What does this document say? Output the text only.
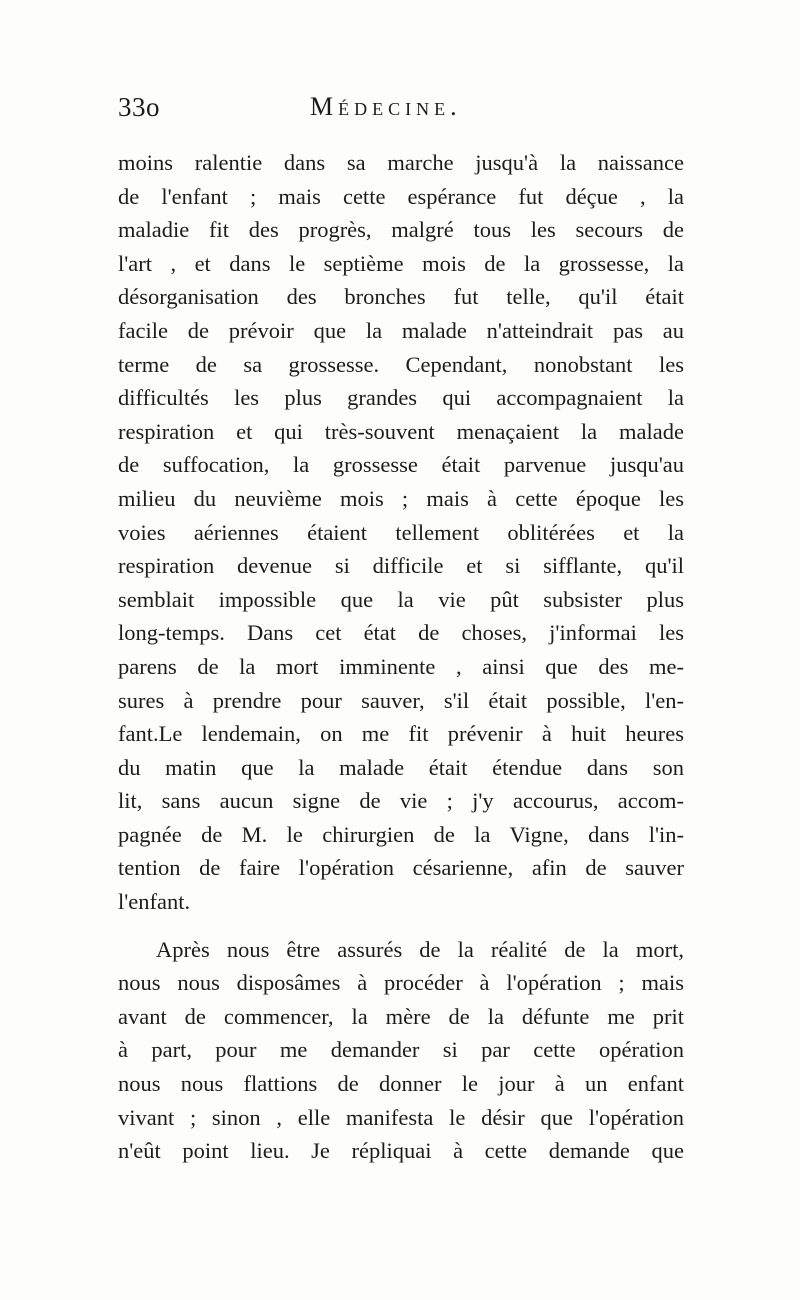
33o	Médecine.
moins ralentie dans sa marche jusqu'à la naissance
de l'enfant ; mais cette espérance fut déçue , la
maladie fit des progrès, malgré tous les secours de
l'art , et dans le septième mois de la grossesse, la
désorganisation des bronches fut telle, qu'il était
facile de prévoir que la malade n'atteindrait pas au
terme de sa grossesse. Cependant, nonobstant les
difficultés les plus grandes qui accompagnaient la
respiration et qui très-souvent menaçaient la malade
de suffocation, la grossesse était parvenue jusqu'au
milieu du neuvième mois ; mais à cette époque les
voies aériennes étaient tellement oblitérées et la
respiration devenue si difficile et si sifflante, qu'il
semblait impossible que la vie pût subsister plus
long-temps. Dans cet état de choses, j'informai les
parens de la mort imminente , ainsi que des me-
sures à prendre pour sauver, s'il était possible, l'en-
fant.Le lendemain, on me fit prévenir à huit heures
du matin que la malade était étendue dans son
lit, sans aucun signe de vie ; j'y accourus, accom-
pagnée de M. le chirurgien de la Vigne, dans l'in-
tention de faire l'opération césarienne, afin de sauver
l'enfant.
Après nous être assurés de la réalité de la mort,
nous nous disposâmes à procéder à l'opération ; mais
avant de commencer, la mère de la défunte me prit
à part, pour me demander si par cette opération
nous nous flattions de donner le jour à un enfant
vivant ; sinon , elle manifesta le désir que l'opération
n'eût point lieu. Je répliquai à cette demande que
